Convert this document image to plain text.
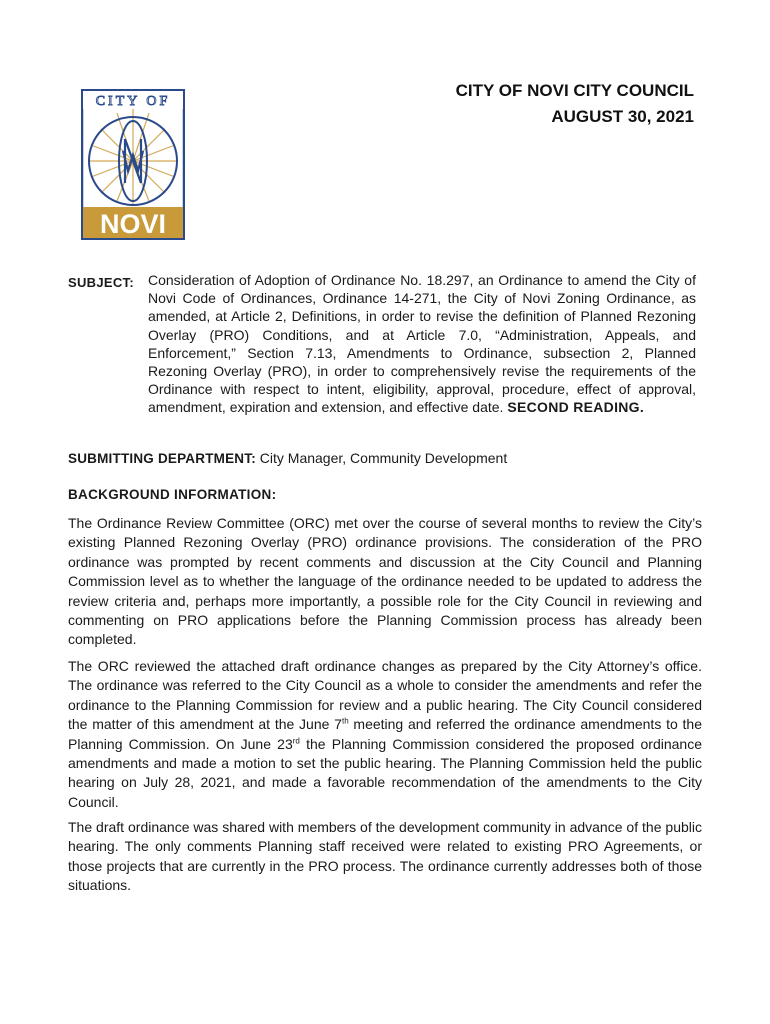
CITY OF
NOVI
CITY OF NOVI CITY COUNCIL
AUGUST 30, 2021
SUBJECT: Consideration of Adoption of Ordinance No. 18.297, an Ordinance to amend the City of Novi Code of Ordinances, Ordinance 14-271, the City of Novi Zoning Ordinance, as amended, at Article 2, Definitions, in order to revise the definition of Planned Rezoning Overlay (PRO) Conditions, and at Article 7.0, “Administration, Appeals, and Enforcement,” Section 7.13, Amendments to Ordinance, subsection 2, Planned Rezoning Overlay (PRO), in order to comprehensively revise the requirements of the Ordinance with respect to intent, eligibility, approval, procedure, effect of approval, amendment, expiration and extension, and effective date. SECOND READING.
SUBMITTING DEPARTMENT: City Manager, Community Development
BACKGROUND INFORMATION:
The Ordinance Review Committee (ORC) met over the course of several months to review the City’s existing Planned Rezoning Overlay (PRO) ordinance provisions. The consideration of the PRO ordinance was prompted by recent comments and discussion at the City Council and Planning Commission level as to whether the language of the ordinance needed to be updated to address the review criteria and, perhaps more importantly, a possible role for the City Council in reviewing and commenting on PRO applications before the Planning Commission process has already been completed.
The ORC reviewed the attached draft ordinance changes as prepared by the City Attorney’s office. The ordinance was referred to the City Council as a whole to consider the amendments and refer the ordinance to the Planning Commission for review and a public hearing. The City Council considered the matter of this amendment at the June 7th meeting and referred the ordinance amendments to the Planning Commission. On June 23rd the Planning Commission considered the proposed ordinance amendments and made a motion to set the public hearing. The Planning Commission held the public hearing on July 28, 2021, and made a favorable recommendation of the amendments to the City Council.
The draft ordinance was shared with members of the development community in advance of the public hearing. The only comments Planning staff received were related to existing PRO Agreements, or those projects that are currently in the PRO process. The ordinance currently addresses both of those situations.
